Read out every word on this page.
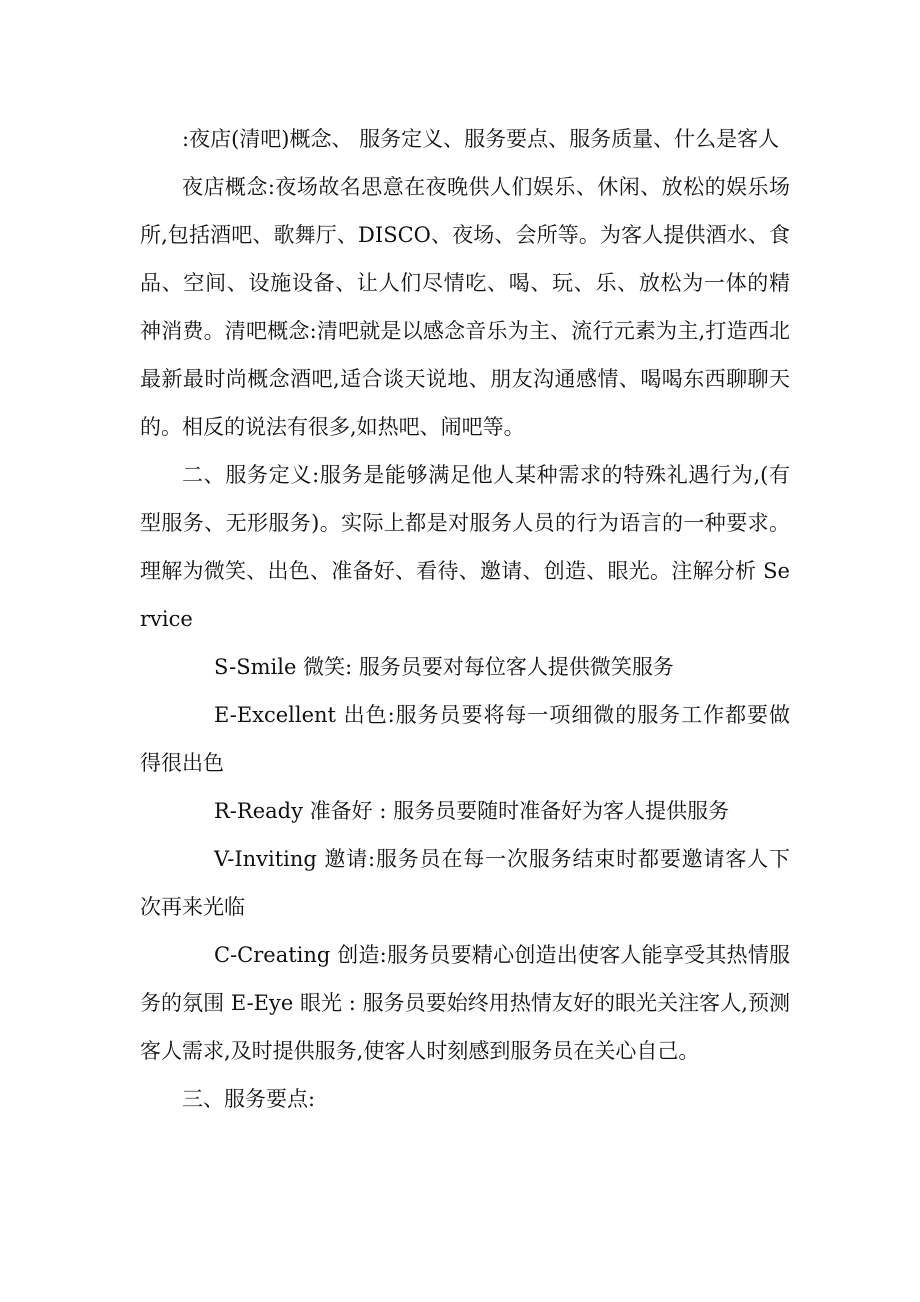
:夜店(清吧)概念、 服务定义、服务要点、服务质量、什么是客人

夜店概念:夜场故名思意在夜晚供人们娱乐、休闲、放松的娱乐场所,包括酒吧、歌舞厅、DISCO、夜场、会所等。为客人提供酒水、食品、空间、设施设备、让人们尽情吃、喝、玩、乐、放松为一体的精神消费。清吧概念:清吧就是以感念音乐为主、流行元素为主,打造西北最新最时尚概念酒吧,适合谈天说地、朋友沟通感情、喝喝东西聊聊天的。相反的说法有很多,如热吧、闹吧等。

二、服务定义:服务是能够满足他人某种需求的特殊礼遇行为,(有型服务、无形服务)。实际上都是对服务人员的行为语言的一种要求。理解为微笑、出色、准备好、看待、邀请、创造、眼光。注解分析 Service

S-Smile 微笑: 服务员要对每位客人提供微笑服务

E-Excellent 出色:服务员要将每一项细微的服务工作都要做得很出色

R-Ready 准备好 : 服务员要随时准备好为客人提供服务

V-Inviting 邀请:服务员在每一次服务结束时都要邀请客人下次再来光临

C-Creating 创造:服务员要精心创造出使客人能享受其热情服务的氛围 E-Eye 眼光 : 服务员要始终用热情友好的眼光关注客人,预测客人需求,及时提供服务,使客人时刻感到服务员在关心自己。

三、服务要点:
